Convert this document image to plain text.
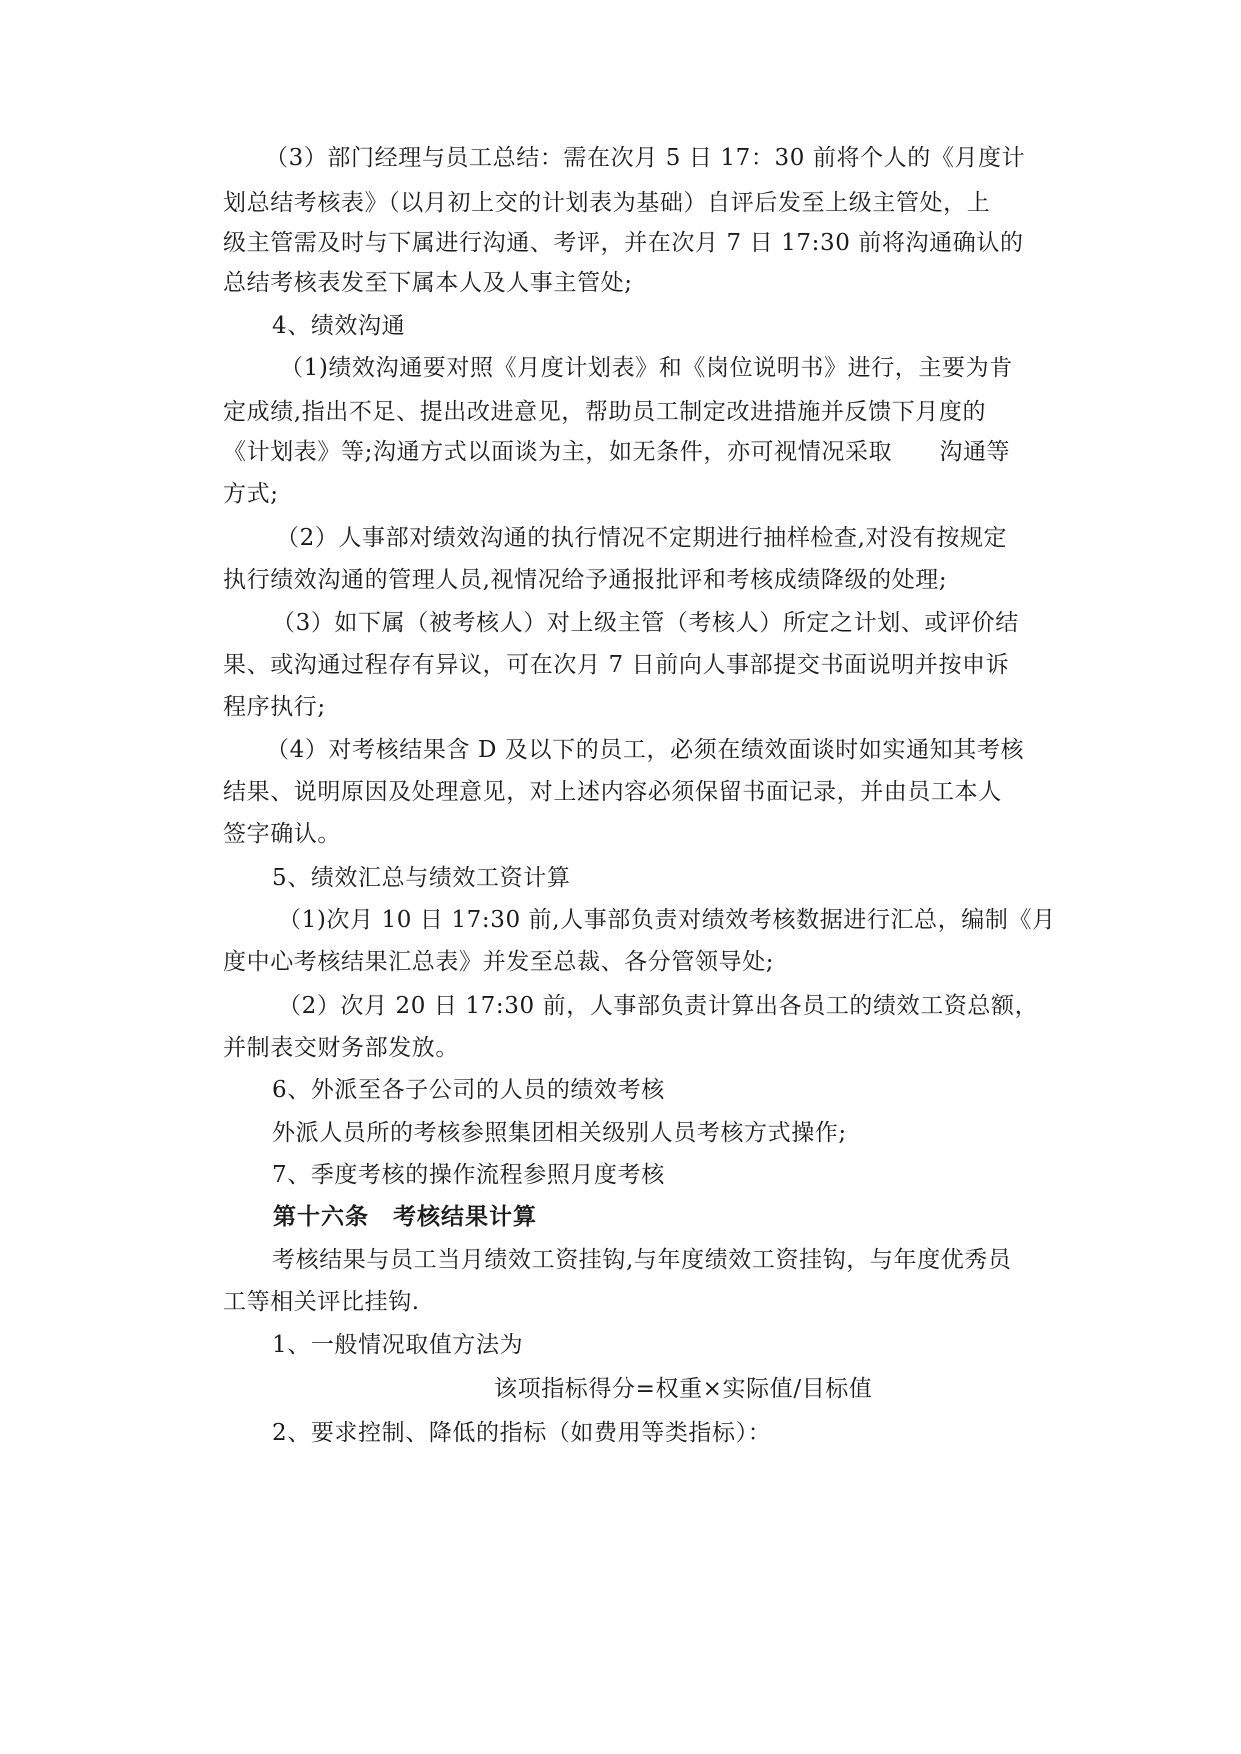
（3）部门经理与员工总结：需在次月 5 日 17：30 前将个人的《月度计
划总结考核表》（以月初上交的计划表为基础）自评后发至上级主管处，上
级主管需及时与下属进行沟通、考评，并在次月 7 日 17:30 前将沟通确认的
总结考核表发至下属本人及人事主管处;
4、绩效沟通
（1)绩效沟通要对照《月度计划表》和《岗位说明书》进行，主要为肯
定成绩,指出不足、提出改进意见，帮助员工制定改进措施并反馈下月度的
《计划表》等;沟通方式以面谈为主，如无条件，亦可视情况采取　　沟通等
方式;
（2）人事部对绩效沟通的执行情况不定期进行抽样检查,对没有按规定
执行绩效沟通的管理人员,视情况给予通报批评和考核成绩降级的处理;
（3）如下属（被考核人）对上级主管（考核人）所定之计划、或评价结
果、或沟通过程存有异议，可在次月 7 日前向人事部提交书面说明并按申诉
程序执行;
（4）对考核结果含 D 及以下的员工，必须在绩效面谈时如实通知其考核
结果、说明原因及处理意见，对上述内容必须保留书面记录，并由员工本人
签字确认。
5、绩效汇总与绩效工资计算
（1)次月 10 日 17:30 前,人事部负责对绩效考核数据进行汇总，编制《月
度中心考核结果汇总表》并发至总裁、各分管领导处;
（2）次月 20 日 17:30 前，人事部负责计算出各员工的绩效工资总额，
并制表交财务部发放。
6、外派至各子公司的人员的绩效考核
外派人员所的考核参照集团相关级别人员考核方式操作;
7、季度考核的操作流程参照月度考核
第十六条　考核结果计算
考核结果与员工当月绩效工资挂钩,与年度绩效工资挂钩，与年度优秀员
工等相关评比挂钩.
1、一般情况取值方法为
该项指标得分=权重×实际值/目标值
2、要求控制、降低的指标（如费用等类指标）：
